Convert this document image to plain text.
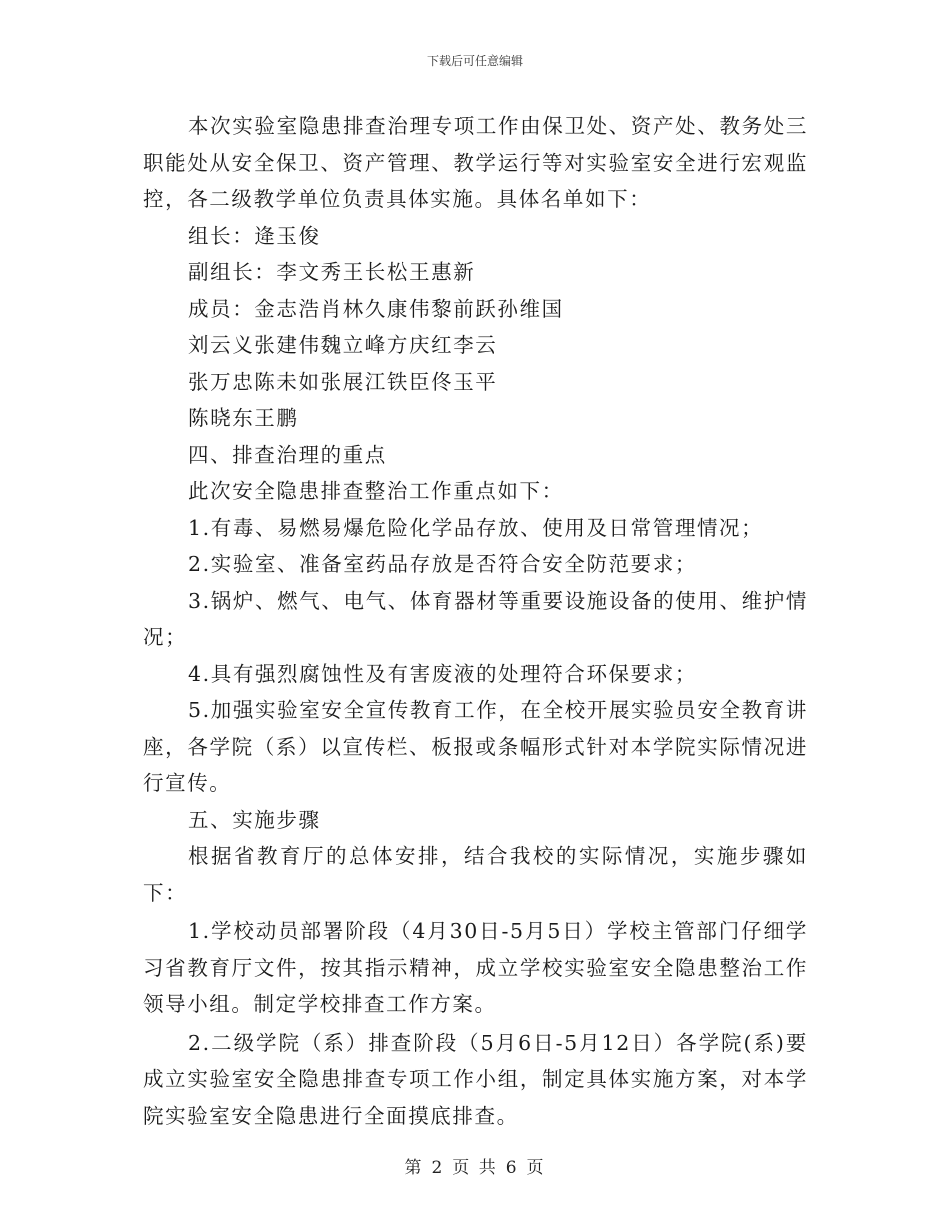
下载后可任意编辑
本次实验室隐患排查治理专项工作由保卫处、资产处、教务处三职能处从安全保卫、资产管理、教学运行等对实验室安全进行宏观监控，各二级教学单位负责具体实施。具体名单如下：
组长：逄玉俊
副组长：李文秀王长松王惠新
成员：金志浩肖林久康伟黎前跃孙维国
刘云义张建伟魏立峰方庆红李云
张万忠陈未如张展江铁臣佟玉平
陈晓东王鹏
四、排查治理的重点
此次安全隐患排查整治工作重点如下：
1.有毒、易燃易爆危险化学品存放、使用及日常管理情况；
2.实验室、准备室药品存放是否符合安全防范要求；
3.锅炉、燃气、电气、体育器材等重要设施设备的使用、维护情况；
4.具有强烈腐蚀性及有害废液的处理符合环保要求；
5.加强实验室安全宣传教育工作，在全校开展实验员安全教育讲座，各学院（系）以宣传栏、板报或条幅形式针对本学院实际情况进行宣传。
五、实施步骤
根据省教育厅的总体安排，结合我校的实际情况，实施步骤如下：
1.学校动员部署阶段（4月30日-5月5日）学校主管部门仔细学习省教育厅文件，按其指示精神，成立学校实验室安全隐患整治工作领导小组。制定学校排查工作方案。
2.二级学院（系）排查阶段（5月6日-5月12日）各学院(系)要成立实验室安全隐患排查专项工作小组，制定具体实施方案，对本学院实验室安全隐患进行全面摸底排查。
第 2 页 共 6 页
